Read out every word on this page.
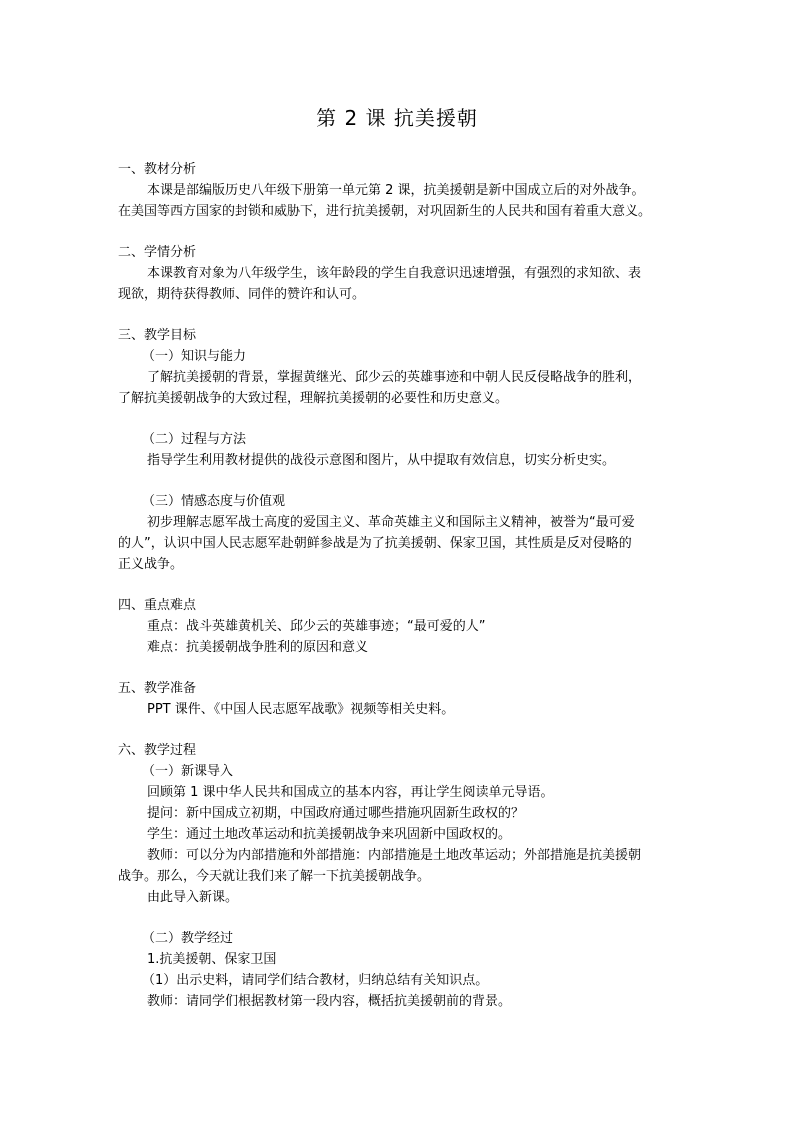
第 2 课 抗美援朝

一、教材分析

本课是部编版历史八年级下册第一单元第 2 课，抗美援朝是新中国成立后的对外战争。

在美国等西方国家的封锁和威胁下，进行抗美援朝，对巩固新生的人民共和国有着重大意义。

二、学情分析

本课教育对象为八年级学生，该年龄段的学生自我意识迅速增强，有强烈的求知欲、表

现欲，期待获得教师、同伴的赞许和认可。

三、教学目标

（一）知识与能力

了解抗美援朝的背景，掌握黄继光、邱少云的英雄事迹和中朝人民反侵略战争的胜利，

了解抗美援朝战争的大致过程，理解抗美援朝的必要性和历史意义。

（二）过程与方法

指导学生利用教材提供的战役示意图和图片，从中提取有效信息，切实分析史实。

（三）情感态度与价值观

初步理解志愿军战士高度的爱国主义、革命英雄主义和国际主义精神，被誉为“最可爱

的人”，认识中国人民志愿军赴朝鲜参战是为了抗美援朝、保家卫国，其性质是反对侵略的

正义战争。

四、重点难点

重点：战斗英雄黄机关、邱少云的英雄事迹；“最可爱的人”

难点：抗美援朝战争胜利的原因和意义

五、教学准备

PPT 课件、《中国人民志愿军战歌》视频等相关史料。

六、教学过程

（一）新课导入

回顾第 1 课中华人民共和国成立的基本内容，再让学生阅读单元导语。

提问：新中国成立初期，中国政府通过哪些措施巩固新生政权的？

学生：通过土地改革运动和抗美援朝战争来巩固新中国政权的。

教师：可以分为内部措施和外部措施：内部措施是土地改革运动；外部措施是抗美援朝

战争。那么，今天就让我们来了解一下抗美援朝战争。

由此导入新课。

（二）教学经过

1.抗美援朝、保家卫国

（1）出示史料，请同学们结合教材，归纳总结有关知识点。

教师：请同学们根据教材第一段内容，概括抗美援朝前的背景。
